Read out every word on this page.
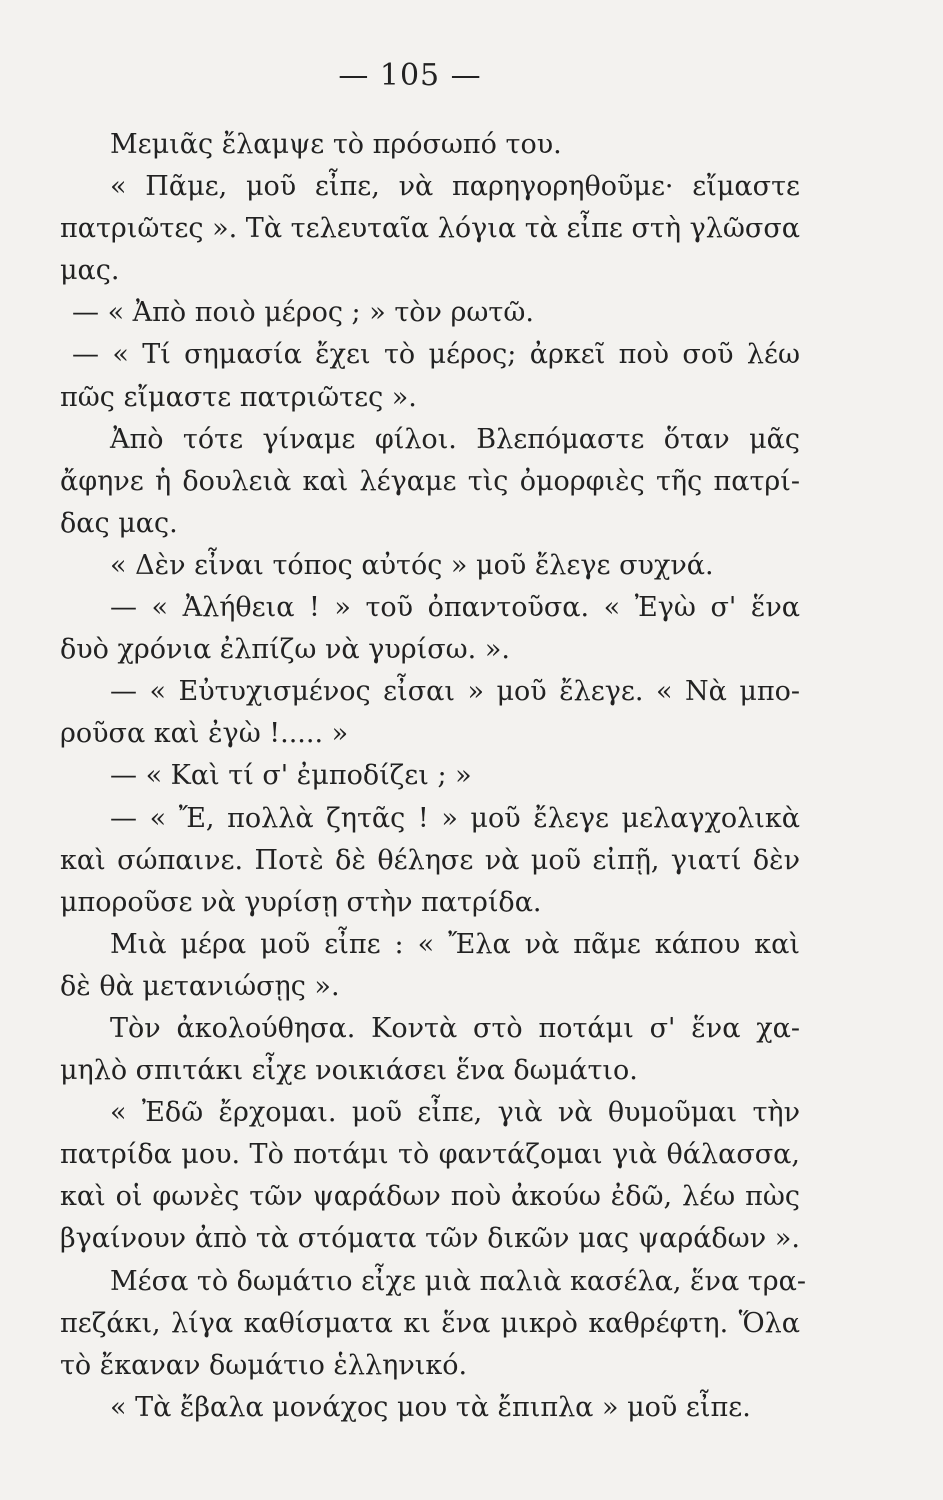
— 105 —
Μεμιᾶς ἔλαμψε τὸ πρόσωπό του.
« Πᾶμε, μοῦ εἶπε, νὰ παρηγορηθοῦμε· εἴμαστε
πατριῶτες ». Τὰ τελευταῖα λόγια τὰ εἶπε στὴ γλῶσσα
μας.
— « Ἀπὸ ποιὸ μέρος ; » τὸν ρωτῶ.
— « Τί σημασία ἔχει τὸ μέρος; ἀρκεῖ ποὺ σοῦ λέω
πῶς εἴμαστε πατριῶτες ».
Ἀπὸ τότε γίναμε φίλοι. Βλεπόμαστε ὅταν μᾶς
ἄφηνε ἡ δουλειὰ καὶ λέγαμε τὶς ὀμορφιὲς τῆς πατρί-
δας μας.
« Δὲν εἶναι τόπος αὐτός » μοῦ ἔλεγε συχνά.
— « Ἀλήθεια ! » τοῦ ὀπαντοῦσα. « Ἐγὼ σ' ἕνα
δυὸ χρόνια ἐλπίζω νὰ γυρίσω. ».
— « Εὐτυχισμένος εἶσαι » μοῦ ἔλεγε. « Νὰ μπο-
ροῦσα καὶ ἐγὼ !..... »
— « Καὶ τί σ' ἐμποδίζει ; »
— « Ἔ, πολλὰ ζητᾶς ! » μοῦ ἔλεγε μελαγχολικὰ
καὶ σώπαινε. Ποτὲ δὲ θέλησε νὰ μοῦ εἰπῇ, γιατί δὲν
μποροῦσε νὰ γυρίσῃ στὴν πατρίδα.
Μιὰ μέρα μοῦ εἶπε : « Ἔλα νὰ πᾶμε κάπου καὶ
δὲ θὰ μετανιώσῃς ».
Τὸν ἀκολούθησα. Κοντὰ στὸ ποτάμι σ' ἕνα χα-
μηλὸ σπιτάκι εἶχε νοικιάσει ἕνα δωμάτιο.
« Ἐδῶ ἔρχομαι. μοῦ εἶπε, γιὰ νὰ θυμοῦμαι τὴν
πατρίδα μου. Τὸ ποτάμι τὸ φαντάζομαι γιὰ θάλασσα,
καὶ οἱ φωνὲς τῶν ψαράδων ποὺ ἀκούω ἐδῶ, λέω πὼς
βγαίνουν ἀπὸ τὰ στόματα τῶν δικῶν μας ψαράδων ».
Μέσα τὸ δωμάτιο εἶχε μιὰ παλιὰ κασέλα, ἕνα τρα-
πεζάκι, λίγα καθίσματα κι ἕνα μικρὸ καθρέφτη. Ὅλα
τὸ ἔκαναν δωμάτιο ἑλληνικό.
« Τὰ ἔβαλα μονάχος μου τὰ ἔπιπλα » μοῦ εἶπε.
